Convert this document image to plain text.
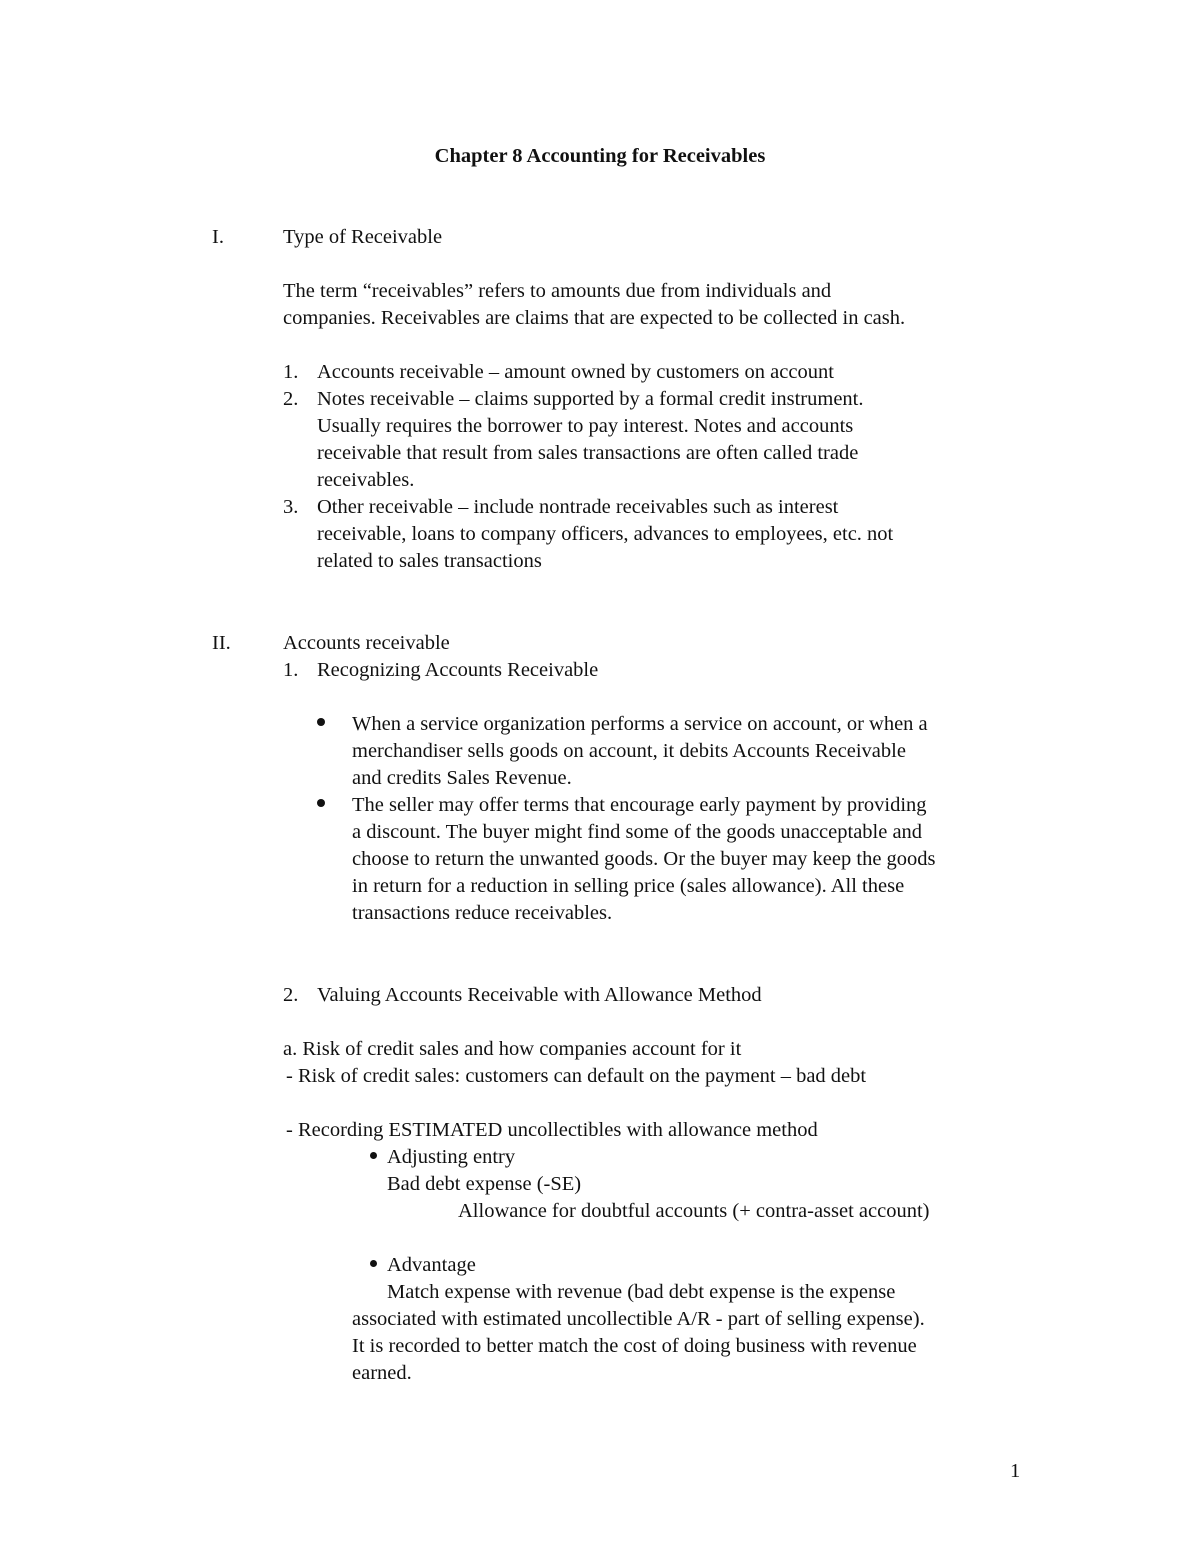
Chapter 8 Accounting for Receivables
I.	Type of Receivable
The term “receivables” refers to amounts due from individuals and
companies. Receivables are claims that are expected to be collected in cash.
1. Accounts receivable – amount owned by customers on account
2. Notes receivable – claims supported by a formal credit instrument.
Usually requires the borrower to pay interest. Notes and accounts
receivable that result from sales transactions are often called trade
receivables.
3. Other receivable – include nontrade receivables such as interest
receivable, loans to company officers, advances to employees, etc. not
related to sales transactions
II.	Accounts receivable
1. Recognizing Accounts Receivable
When a service organization performs a service on account, or when a
merchandiser sells goods on account, it debits Accounts Receivable
and credits Sales Revenue.
The seller may offer terms that encourage early payment by providing
a discount. The buyer might find some of the goods unacceptable and
choose to return the unwanted goods. Or the buyer may keep the goods
in return for a reduction in selling price (sales allowance). All these
transactions reduce receivables.
2. Valuing Accounts Receivable with Allowance Method
a. Risk of credit sales and how companies account for it
- Risk of credit sales: customers can default on the payment – bad debt
- Recording ESTIMATED uncollectibles with allowance method
Adjusting entry
Bad debt expense (-SE)
Allowance for doubtful accounts (+ contra-asset account)
Advantage
Match expense with revenue (bad debt expense is the expense
associated with estimated uncollectible A/R - part of selling expense).
It is recorded to better match the cost of doing business with revenue
earned.
1
